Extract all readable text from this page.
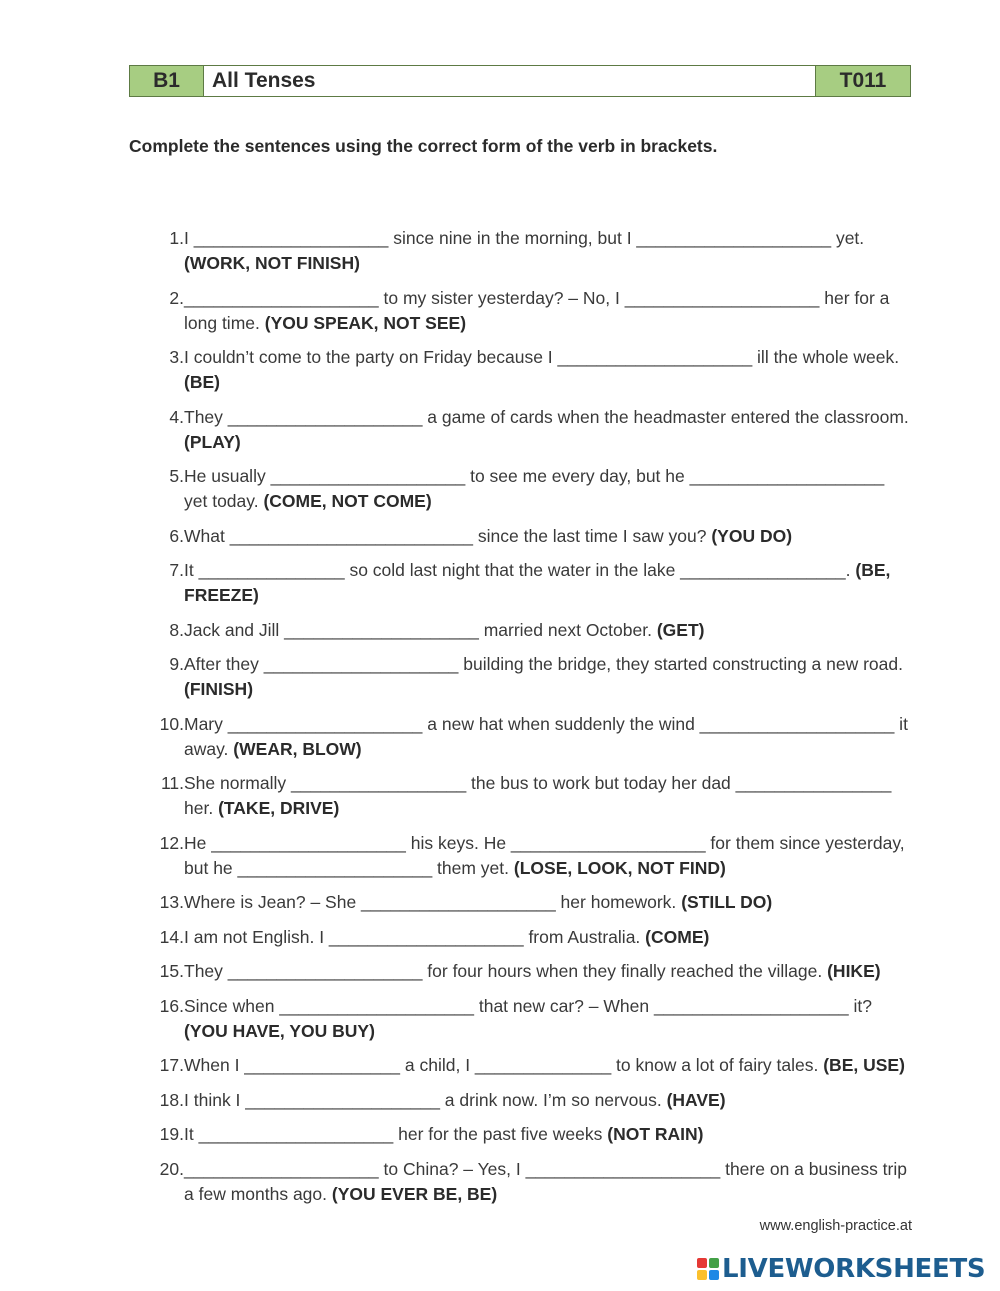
B1	All Tenses	T011
Complete the sentences using the correct form of the verb in brackets.
1. I ____________________ since nine in the morning, but I ____________________ yet. (WORK, NOT FINISH)
2. ____________________ to my sister yesterday? – No, I ____________________ her for a long time. (YOU SPEAK, NOT SEE)
3. I couldn’t come to the party on Friday because I ____________________ ill the whole week. (BE)
4. They ____________________ a game of cards when the headmaster entered the classroom. (PLAY)
5. He usually ____________________ to see me every day, but he ____________________ yet today. (COME, NOT COME)
6. What _________________________ since the last time I saw you? (YOU DO)
7. It _______________ so cold last night that the water in the lake _________________. (BE, FREEZE)
8. Jack and Jill ____________________ married next October. (GET)
9. After they ____________________ building the bridge, they started constructing a new road. (FINISH)
10. Mary ____________________ a new hat when suddenly the wind ____________________ it away. (WEAR, BLOW)
11. She normally __________________ the bus to work but today her dad ________________ her. (TAKE, DRIVE)
12. He ____________________ his keys. He ____________________ for them since yesterday, but he ____________________ them yet. (LOSE, LOOK, NOT FIND)
13. Where is Jean? – She ____________________ her homework. (STILL DO)
14. I am not English. I ____________________ from Australia. (COME)
15. They ____________________ for four hours when they finally reached the village. (HIKE)
16. Since when ____________________ that new car? – When ____________________ it? (YOU HAVE, YOU BUY)
17. When I ________________ a child, I ______________ to know a lot of fairy tales. (BE, USE)
18. I think I ____________________ a drink now. I’m so nervous. (HAVE)
19. It ____________________ her for the past five weeks (NOT RAIN)
20. ____________________ to China? – Yes, I ____________________ there on a business trip a few months ago. (YOU EVER BE, BE)
www.english-practice.at
LIVEWORKSHEETS
